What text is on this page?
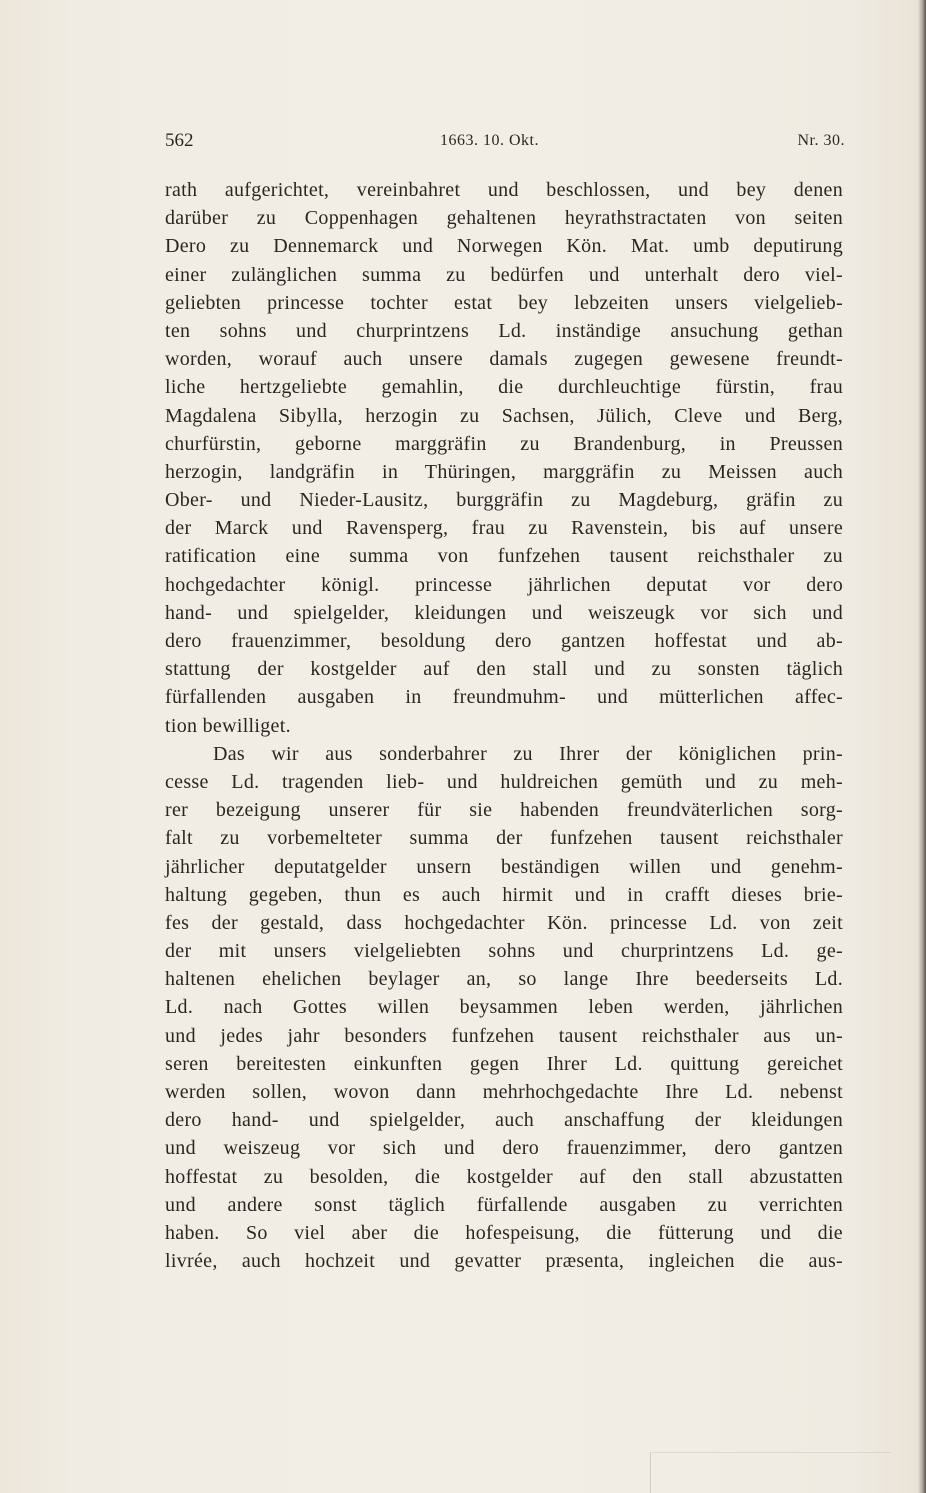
562	1663. 10. Okt.	Nr. 30.
rath aufgerichtet, vereinbahret und beschlossen, und bey denen
darüber zu Coppenhagen gehaltenen heyrathstractaten von seiten
Dero zu Dennemarck und Norwegen Kön. Mat. umb deputirung
einer zulänglichen summa zu bedürfen und unterhalt dero viel-
geliebten princesse tochter estat bey lebzeiten unsers vielgelieb-
ten sohns und churprintzens Ld. inständige ansuchung gethan
worden, worauf auch unsere damals zugegen gewesene freundt-
liche hertzgeliebte gemahlin, die durchleuchtige fürstin, frau
Magdalena Sibylla, herzogin zu Sachsen, Jülich, Cleve und Berg,
churfürstin, geborne marggräfin zu Brandenburg, in Preussen
herzogin, landgräfin in Thüringen, marggräfin zu Meissen auch
Ober- und Nieder-Lausitz, burggräfin zu Magdeburg, gräfin zu
der Marck und Ravensperg, frau zu Ravenstein, bis auf unsere
ratification eine summa von funfzehen tausent reichsthaler zu
hochgedachter königl. princesse jährlichen deputat vor dero
hand- und spielgelder, kleidungen und weiszeugk vor sich und
dero frauenzimmer, besoldung dero gantzen hoffestat und ab-
stattung der kostgelder auf den stall und zu sonsten täglich
fürfallenden ausgaben in freundmuhm- und mütterlichen affec-
tion bewilliget.
Das wir aus sonderbahrer zu Ihrer der königlichen prin-
cesse Ld. tragenden lieb- und huldreichen gemüth und zu meh-
rer bezeigung unserer für sie habenden freundväterlichen sorg-
falt zu vorbemelteter summa der funfzehen tausent reichsthaler
jährlicher deputatgelder unsern beständigen willen und genehm-
haltung gegeben, thun es auch hirmit und in crafft dieses brie-
fes der gestald, dass hochgedachter Kön. princesse Ld. von zeit
der mit unsers vielgeliebten sohns und churprintzens Ld. ge-
haltenen ehelichen beylager an, so lange Ihre beederseits Ld.
Ld. nach Gottes willen beysammen leben werden, jährlichen
und jedes jahr besonders funfzehen tausent reichsthaler aus un-
seren bereitesten einkunften gegen Ihrer Ld. quittung gereichet
werden sollen, wovon dann mehrhochgedachte Ihre Ld. nebenst
dero hand- und spielgelder, auch anschaffung der kleidungen
und weiszeug vor sich und dero frauenzimmer, dero gantzen
hoffestat zu besolden, die kostgelder auf den stall abzustatten
und andere sonst täglich fürfallende ausgaben zu verrichten
haben. So viel aber die hofespeisung, die fütterung und die
livrée, auch hochzeit und gevatter præsenta, ingleichen die aus-
